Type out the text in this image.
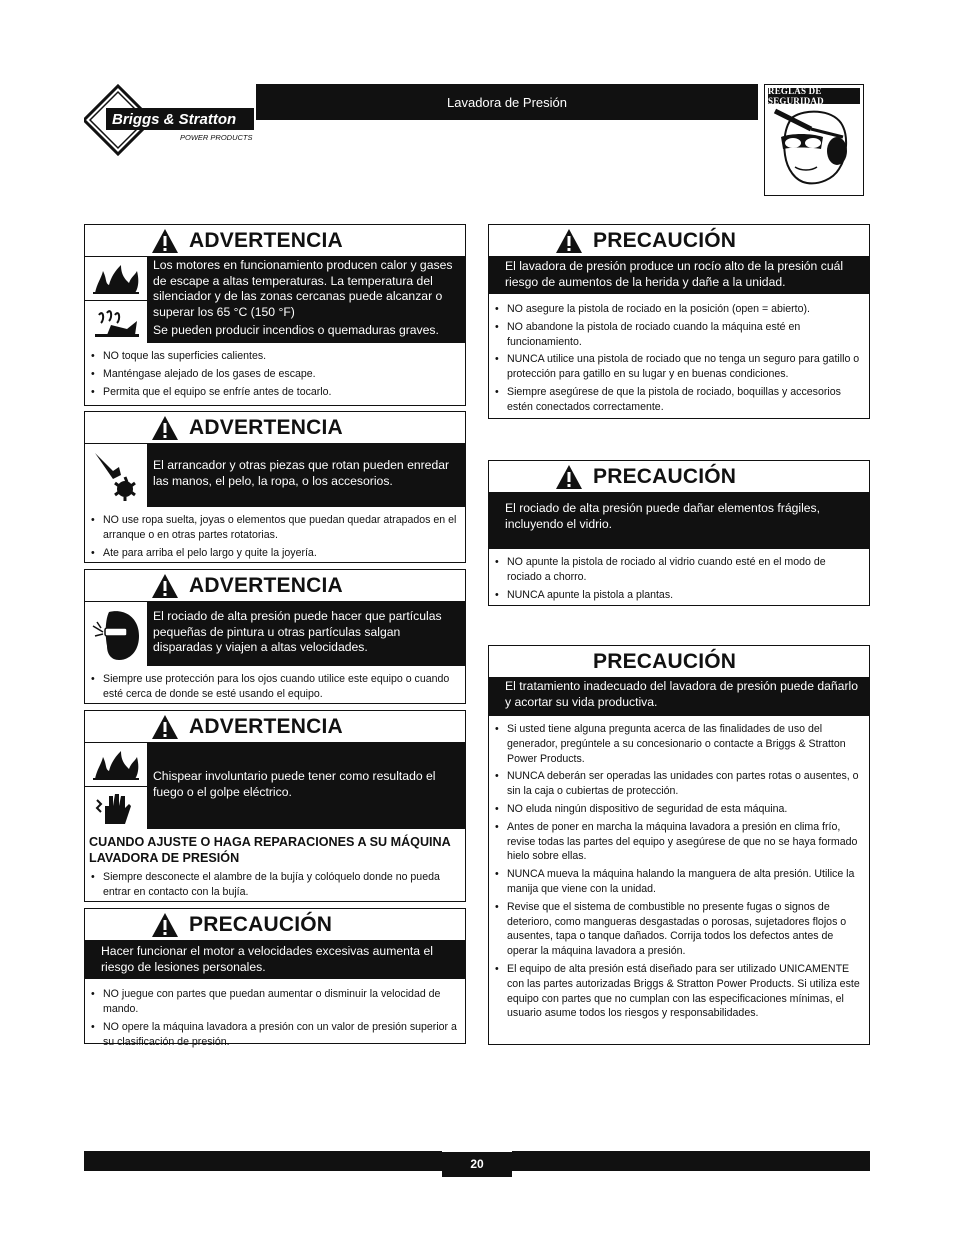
Briggs & Stratton
POWER PRODUCTS
Lavadora de Presión
REGLAS DE SEGURIDAD
ADVERTENCIA

Los motores en funcionamiento producen calor y gases de escape a altas temperaturas. La temperatura del silenciador y de las zonas cercanas puede alcanzar o superar los 65 °C (150 °F)

Se pueden producir incendios o quemaduras graves.

• NO toque las superficies calientes.
• Manténgase alejado de los gases de escape.
• Permita que el equipo se enfríe antes de tocarlo.
ADVERTENCIA

El arrancador y otras piezas que rotan pueden enredar las manos, el pelo, la ropa, o los accesorios.

• NO use ropa suelta, joyas o elementos que puedan quedar atrapados en el arranque o en otras partes rotatorias.
• Ate para arriba el pelo largo y quite la joyería.
ADVERTENCIA

El rociado de alta presión puede hacer que partículas pequeñas de pintura u otras partículas salgan disparadas y viajen a altas velocidades.

• Siempre use protección para los ojos cuando utilice este equipo o cuando esté cerca de donde se esté usando el equipo.
ADVERTENCIA

Chispear involuntario puede tener como resultado el fuego o el golpe eléctrico.

CUANDO AJUSTE O HAGA REPARACIONES A SU MÁQUINA LAVADORA DE PRESIÓN
• Siempre desconecte el alambre de la bujía y colóquelo donde no pueda entrar en contacto con la bujía.
PRECAUCIÓN
Hacer funcionar el motor a velocidades excesivas aumenta el riesgo de lesiones personales.
• NO juegue con partes que puedan aumentar o disminuir la velocidad de mando.
• NO opere la máquina lavadora a presión con un valor de presión superior a su clasificación de presión.
PRECAUCIÓN
El lavadora de presión produce un rocío alto de la presión cuál riesgo de aumentos de la herida y dañe a la unidad.
• NO asegure la pistola de rociado en la posición (open = abierto).
• NO abandone la pistola de rociado cuando la máquina esté en funcionamiento.
• NUNCA utilice una pistola de rociado que no tenga un seguro para gatillo o protección para gatillo en su lugar y en buenas condiciones.
• Siempre asegúrese de que la pistola de rociado, boquillas y accesorios estén conectados correctamente.
PRECAUCIÓN
El rociado de alta presión puede dañar elementos frágiles, incluyendo el vidrio.
• NO apunte la pistola de rociado al vidrio cuando esté en el modo de rociado a chorro.
• NUNCA apunte la pistola a plantas.
PRECAUCIÓN
El tratamiento inadecuado del lavadora de presión puede dañarlo y acortar su vida productiva.
• Si usted tiene alguna pregunta acerca de las finalidades de uso del generador, pregúntele a su concesionario o contacte a Briggs & Stratton Power Products.
• NUNCA deberán ser operadas las unidades con partes rotas o ausentes, o sin la caja o cubiertas de protección.
• NO eluda ningún dispositivo de seguridad de esta máquina.
• Antes de poner en marcha la máquina lavadora a presión en clima frío, revise todas las partes del equipo y asegúrese de que no se haya formado hielo sobre ellas.
• NUNCA mueva la máquina halando la manguera de alta presión. Utilice la manija que viene con la unidad.
• Revise que el sistema de combustible no presente fugas o signos de deterioro, como mangueras desgastadas o porosas, sujetadores flojos o ausentes, tapa o tanque dañados. Corrija todos los defectos antes de operar la máquina lavadora a presión.
• El equipo de alta presión está diseñado para ser utilizado UNICAMENTE con las partes autorizadas Briggs & Stratton Power Products. Si utiliza este equipo con partes que no cumplan con las especificaciones mínimas, el usuario asume todos los riesgos y responsabilidades.
20
